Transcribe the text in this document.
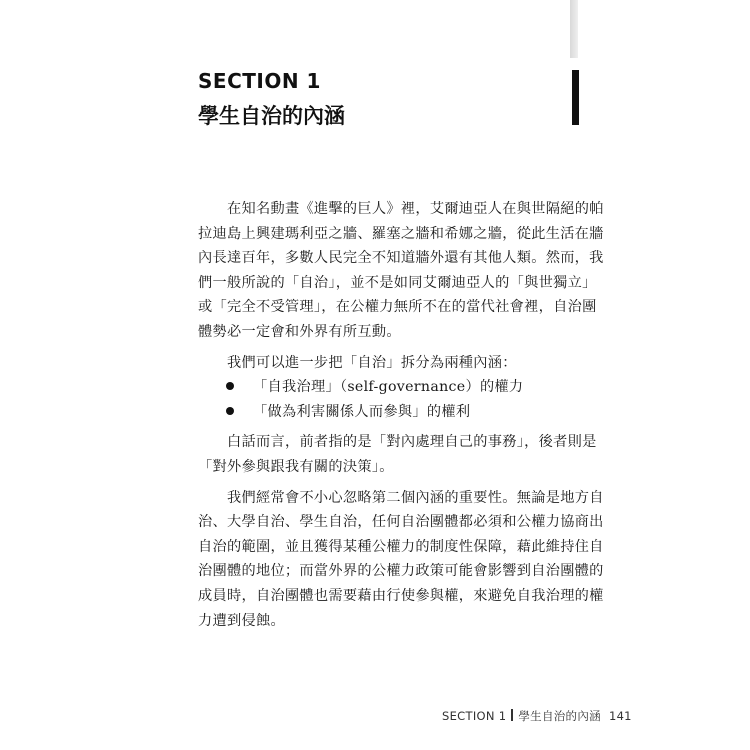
SECTION 1
學生自治的內涵
在知名動畫《進擊的巨人》裡，艾爾迪亞人在與世隔絕的帕
拉迪島上興建瑪利亞之牆、羅塞之牆和希娜之牆，從此生活在牆
內長達百年，多數人民完全不知道牆外還有其他人類。然而，我
們一般所說的「自治」，並不是如同艾爾迪亞人的「與世獨立」
或「完全不受管理」，在公權力無所不在的當代社會裡，自治團
體勢必一定會和外界有所互動。
我們可以進一步把「自治」拆分為兩種內涵：
「自我治理」（self-governance）的權力
「做為利害關係人而參與」的權利
白話而言，前者指的是「對內處理自己的事務」，後者則是
「對外參與跟我有關的決策」。
我們經常會不小心忽略第二個內涵的重要性。無論是地方自
治、大學自治、學生自治，任何自治團體都必須和公權力協商出
自治的範圍，並且獲得某種公權力的制度性保障，藉此維持住自
治團體的地位；而當外界的公權力政策可能會影響到自治團體的
成員時，自治團體也需要藉由行使參與權，來避免自我治理的權
力遭到侵蝕。
SECTION 1 學生自治的內涵 141
